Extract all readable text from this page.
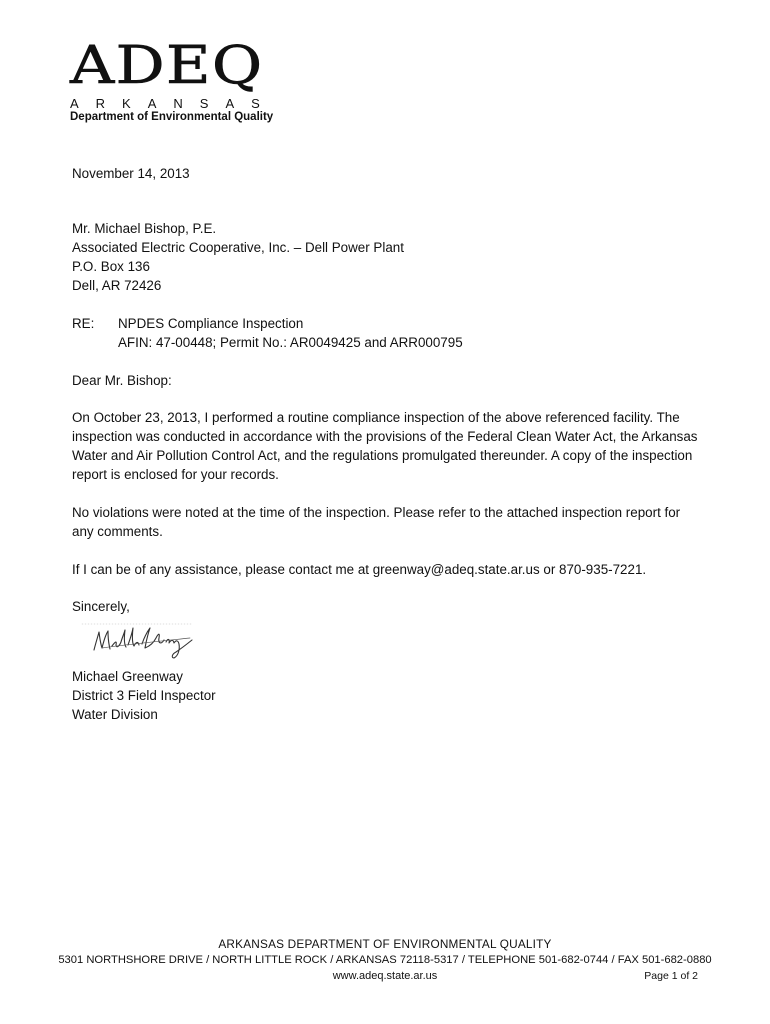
ADEQ
ARKANSAS
Department of Environmental Quality
November 14, 2013
Mr. Michael Bishop, P.E.
Associated Electric Cooperative, Inc. – Dell Power Plant
P.O. Box 136
Dell, AR 72426
RE:	NPDES Compliance Inspection
AFIN: 47-00448; Permit No.: AR0049425 and ARR000795
Dear Mr. Bishop:
On October 23, 2013, I performed a routine compliance inspection of the above referenced facility. The inspection was conducted in accordance with the provisions of the Federal Clean Water Act, the Arkansas Water and Air Pollution Control Act, and the regulations promulgated thereunder. A copy of the inspection report is enclosed for your records.
No violations were noted at the time of the inspection. Please refer to the attached inspection report for any comments.
If I can be of any assistance, please contact me at greenway@adeq.state.ar.us or 870-935-7221.
Sincerely,
Michael Greenway
District 3 Field Inspector
Water Division
ARKANSAS DEPARTMENT OF ENVIRONMENTAL QUALITY
5301 NORTHSHORE DRIVE / NORTH LITTLE ROCK / ARKANSAS 72118-5317 / TELEPHONE 501-682-0744 / FAX 501-682-0880
www.adeq.state.ar.us	Page 1 of 2
